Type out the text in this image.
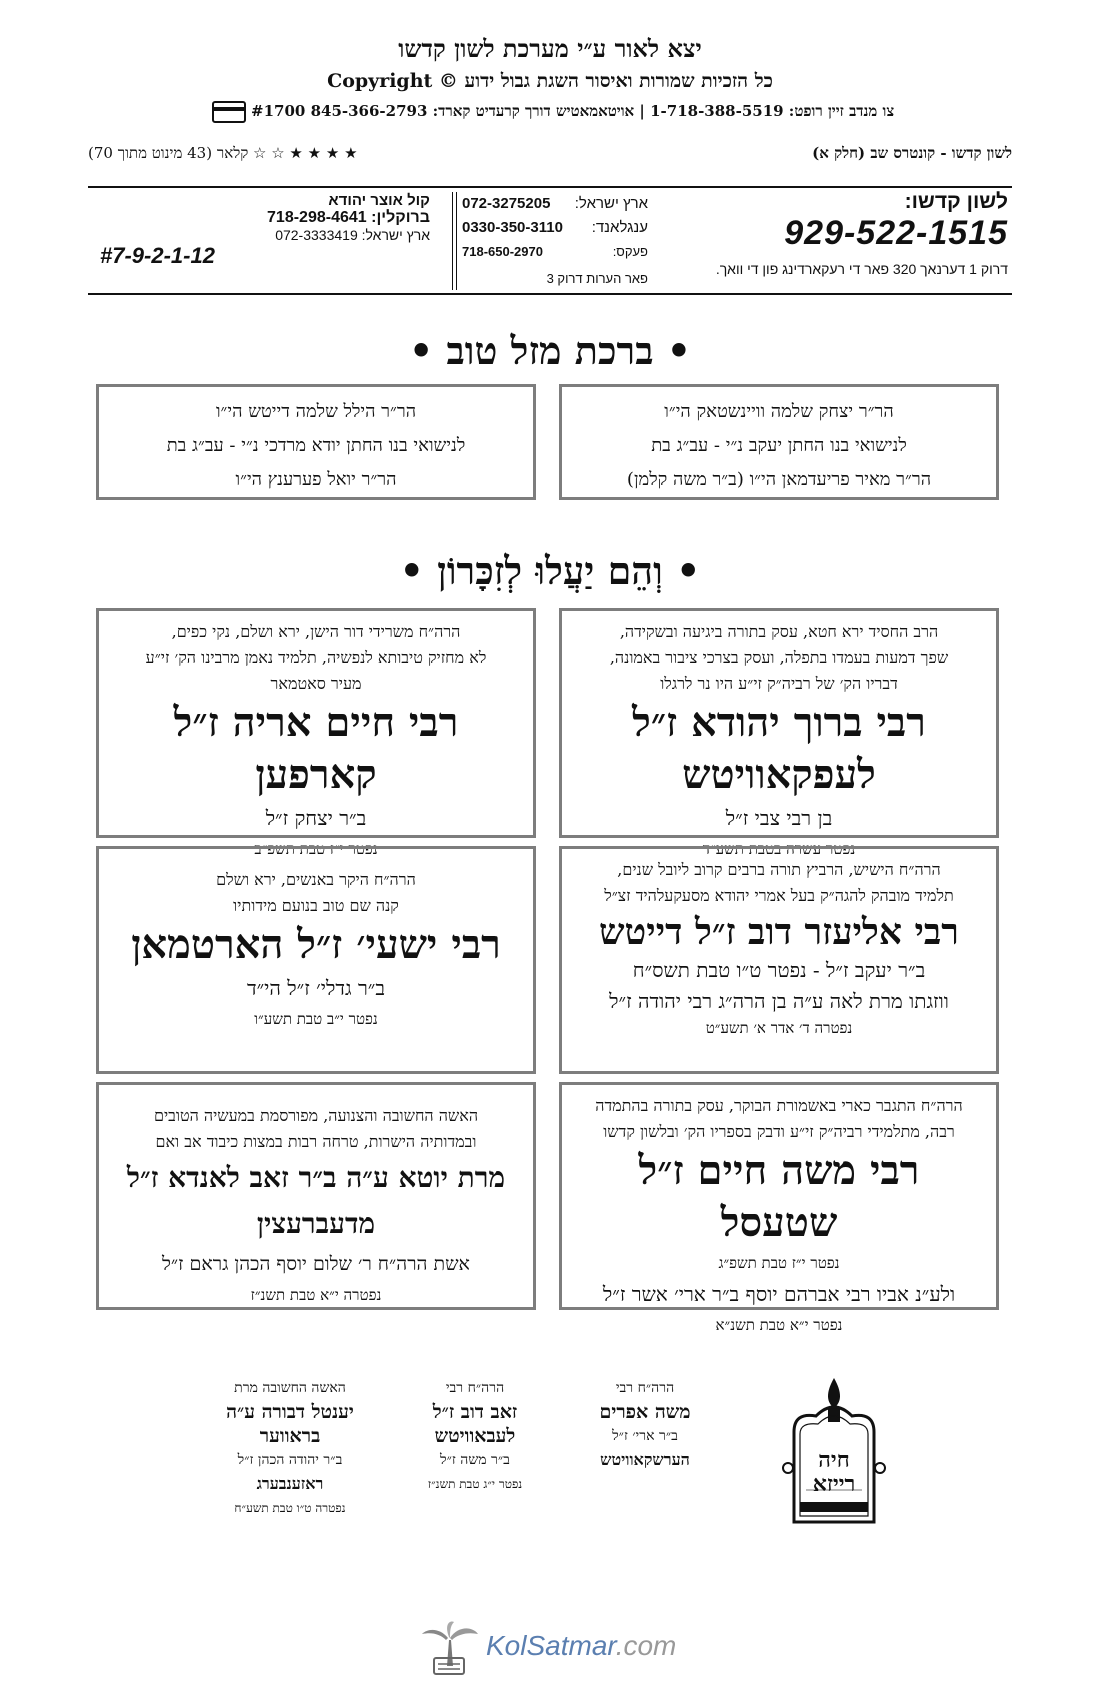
יצא לאור ע״י מערכת לשון קדשו
Copyright © כל הזכיות שמורות ואיסור השגת גבול ידוע
צו מנדב זיין רופט: 1-718-388-5519 | אויטאמאטיש דורך קרעדיט קארד: 845-366-2793 #1700
לשון קדשו - קונטרס שב (חלק א)
★ ★ ★ ★ ☆ ☆ קלאר (43 מינוט מתוך 70)
לשון קדשו:
929-522-1515
דרוק 1 דערנאך 320 פאר די רעקארדינג פון די וואך.
ארץ ישראל:
072-3275205
ענגלאנד:
0330-350-3110
פעקס:
718-650-2970
קול אוצר יהודא
ברוקלין: 718-298-4641
ארץ ישראל: 072-3333419
#7-9-2-1-12
פאר הערות דרוק 3
• ברכת מזל טוב •
הר״ר יצחק שלמה וויינשטאק הי״ו
לנישואי בנו החתן יעקב נ״י - עב״ג בת
הר״ר מאיר פריעדמאן הי״ו (ב״ר משה קלמן)
הר״ר הילל שלמה דייטש הי״ו
לנישואי בנו החתן יודא מרדכי נ״י - עב״ג בת
הר״ר יואל פערענץ הי״ו
• וְהֵם יַעֲלוּ לְזִכָּרוֹן •
הרב החסיד ירא חטא, עסק בתורה ביגיעה ובשקידה,
שפך דמעות בעמדו בתפלה, ועסק בצרכי ציבור באמונה,
דבריו הק׳ של רביה״ק זי״ע היו נר לרגלו
רבי ברוך יהודא ז״ל לעפקאוויטש
בן רבי צבי ז״ל
נפטר עשרה בטבת תשע״ד
הרה״ח משרידי דור הישן, ירא ושלם, נקי כפים,
לא מחזיק טיבותא לנפשיה, תלמיד נאמן מרבינו הק׳ זי״ע
מעיר סאטמאר
רבי חיים אריה ז״ל קארפען
ב״ר יצחק ז״ל
נפטר י״ז טבת תשפ״ב
הרה״ח הישיש, הרביץ תורה ברבים קרוב ליובל שנים,
תלמיד מובהק להגה״ק בעל אמרי יהודא מסעקעלהיד זצ״ל
רבי אליעזר דוב ז״ל דייטש
ב״ר יעקב ז״ל - נפטר ט״ו טבת תשס״ח
ווזגתו מרת לאה ע״ה בן הרה״ג רבי יהודה ז״ל
נפטרה ד׳ אדר א׳ תשע״ט
הרה״ח היקר באנשים, ירא ושלם
קנה שם טוב בנועם מידותיו
רבי ישעי׳ ז״ל הארטמאן
ב״ר גדלי׳ ז״ל הי״ד
נפטר י״ב טבת תשע״ו
הרה״ח התגבר כארי באשמורת הבוקר, עסק בתורה בהתמדה
רבה, מתלמידי רביה״ק זי״ע ודבק בספריו הק׳ ובלשון קדשו
רבי משה חיים ז״ל שטעסל
נפטר י״ז טבת תשפ״ג
ולע״נ אביו רבי אברהם יוסף ב״ר ארי׳ אשר ז״ל
נפטר י״א טבת תשנ״א
האשה החשובה והצנועה, מפורסמת במעשיה הטובים
ובמדותיה הישרות, טרחה רבות במצות כיבוד אב ואם
מרת יוטא ע״ה ב״ר זאב לאנדא ז״ל מדעברעצין
אשת הרה״ח ר׳ שלום יוסף הכהן גראם ז״ל
נפטרה י״א טבת תשנ״ז
הרה״ח רבי
משה אפרים
ב״ר ארי׳ ז״ל
הערשקאוויטש
הרה״ח רבי
זאב דוב ז״ל
לעבאוויטש
ב״ר משה ז״ל
נפטר י״ג טבת תשנ״ז
האשה החשובה מרת
יענטל דבורה ע״ה
בראווער
ב״ר יהודה הכהן ז״ל
ראזענבערג
נפטרה ט״ו טבת תשע״ח
חיה
רייזא
KolSatmar.com
